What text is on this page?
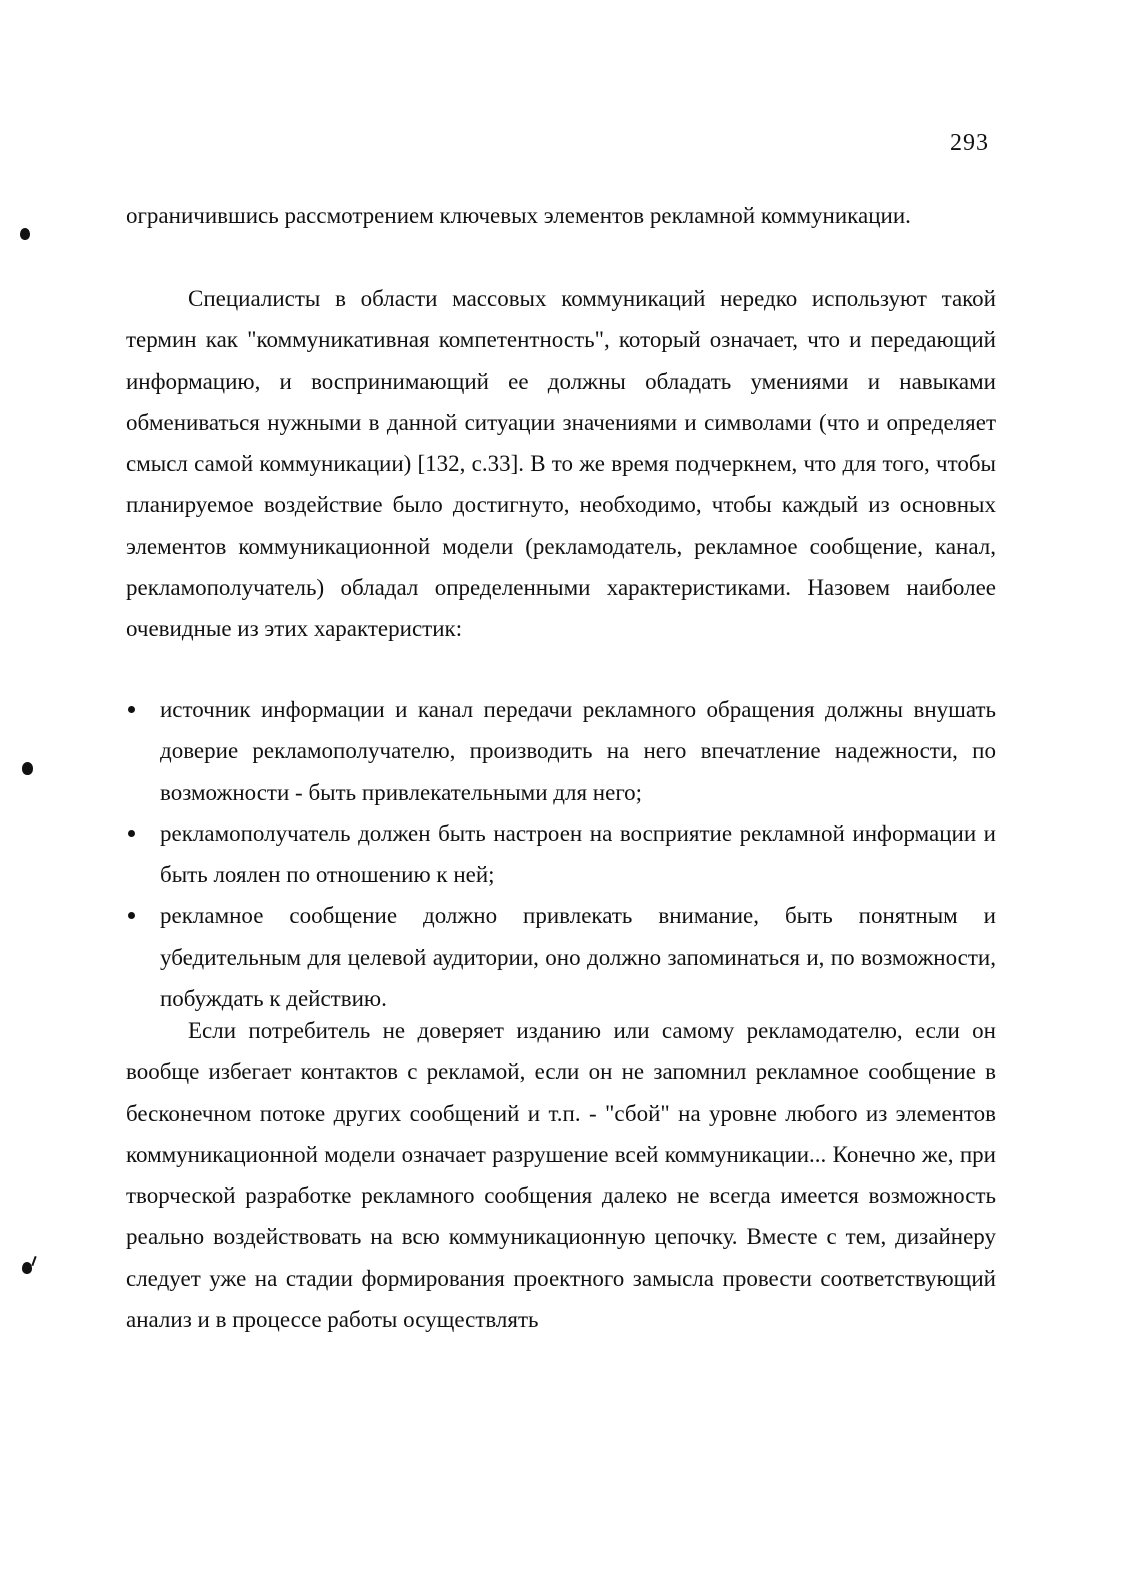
293

ограничившись рассмотрением ключевых элементов рекламной коммуникации.

Специалисты в области массовых коммуникаций нередко используют такой термин как "коммуникативная компетентность", который означает, что и передающий информацию, и воспринимающий ее должны обладать умениями и навыками обмениваться нужными в данной ситуации значениями и символами (что и определяет смысл самой коммуникации) [132, с.33]. В то же время подчеркнем, что для того, чтобы планируемое воздействие было достигнуто, необходимо, чтобы каждый из основных элементов коммуникационной модели (рекламодатель, рекламное сообщение, канал, рекламополучатель) обладал определенными характеристиками. Назовем наиболее очевидные из этих характеристик:

источник информации и канал передачи рекламного обращения должны внушать доверие рекламополучателю, производить на него впечатление надежности, по возможности - быть привлекательными для него;
рекламополучатель должен быть настроен на восприятие рекламной информации и быть лоялен по отношению к ней;
рекламное сообщение должно привлекать внимание, быть понятным и убедительным для целевой аудитории, оно должно запоминаться и, по возможности, побуждать к действию.

Если потребитель не доверяет изданию или самому рекламодателю, если он вообще избегает контактов с рекламой, если он не запомнил рекламное сообщение в бесконечном потоке других сообщений и т.п. - "сбой" на уровне любого из элементов коммуникационной модели означает разрушение всей коммуникации... Конечно же, при творческой разработке рекламного сообщения далеко не всегда имеется возможность реально воздействовать на всю коммуникационную цепочку. Вместе с тем, дизайнеру следует уже на стадии формирования проектного замысла провести соответствующий анализ и в процессе работы осуществлять
